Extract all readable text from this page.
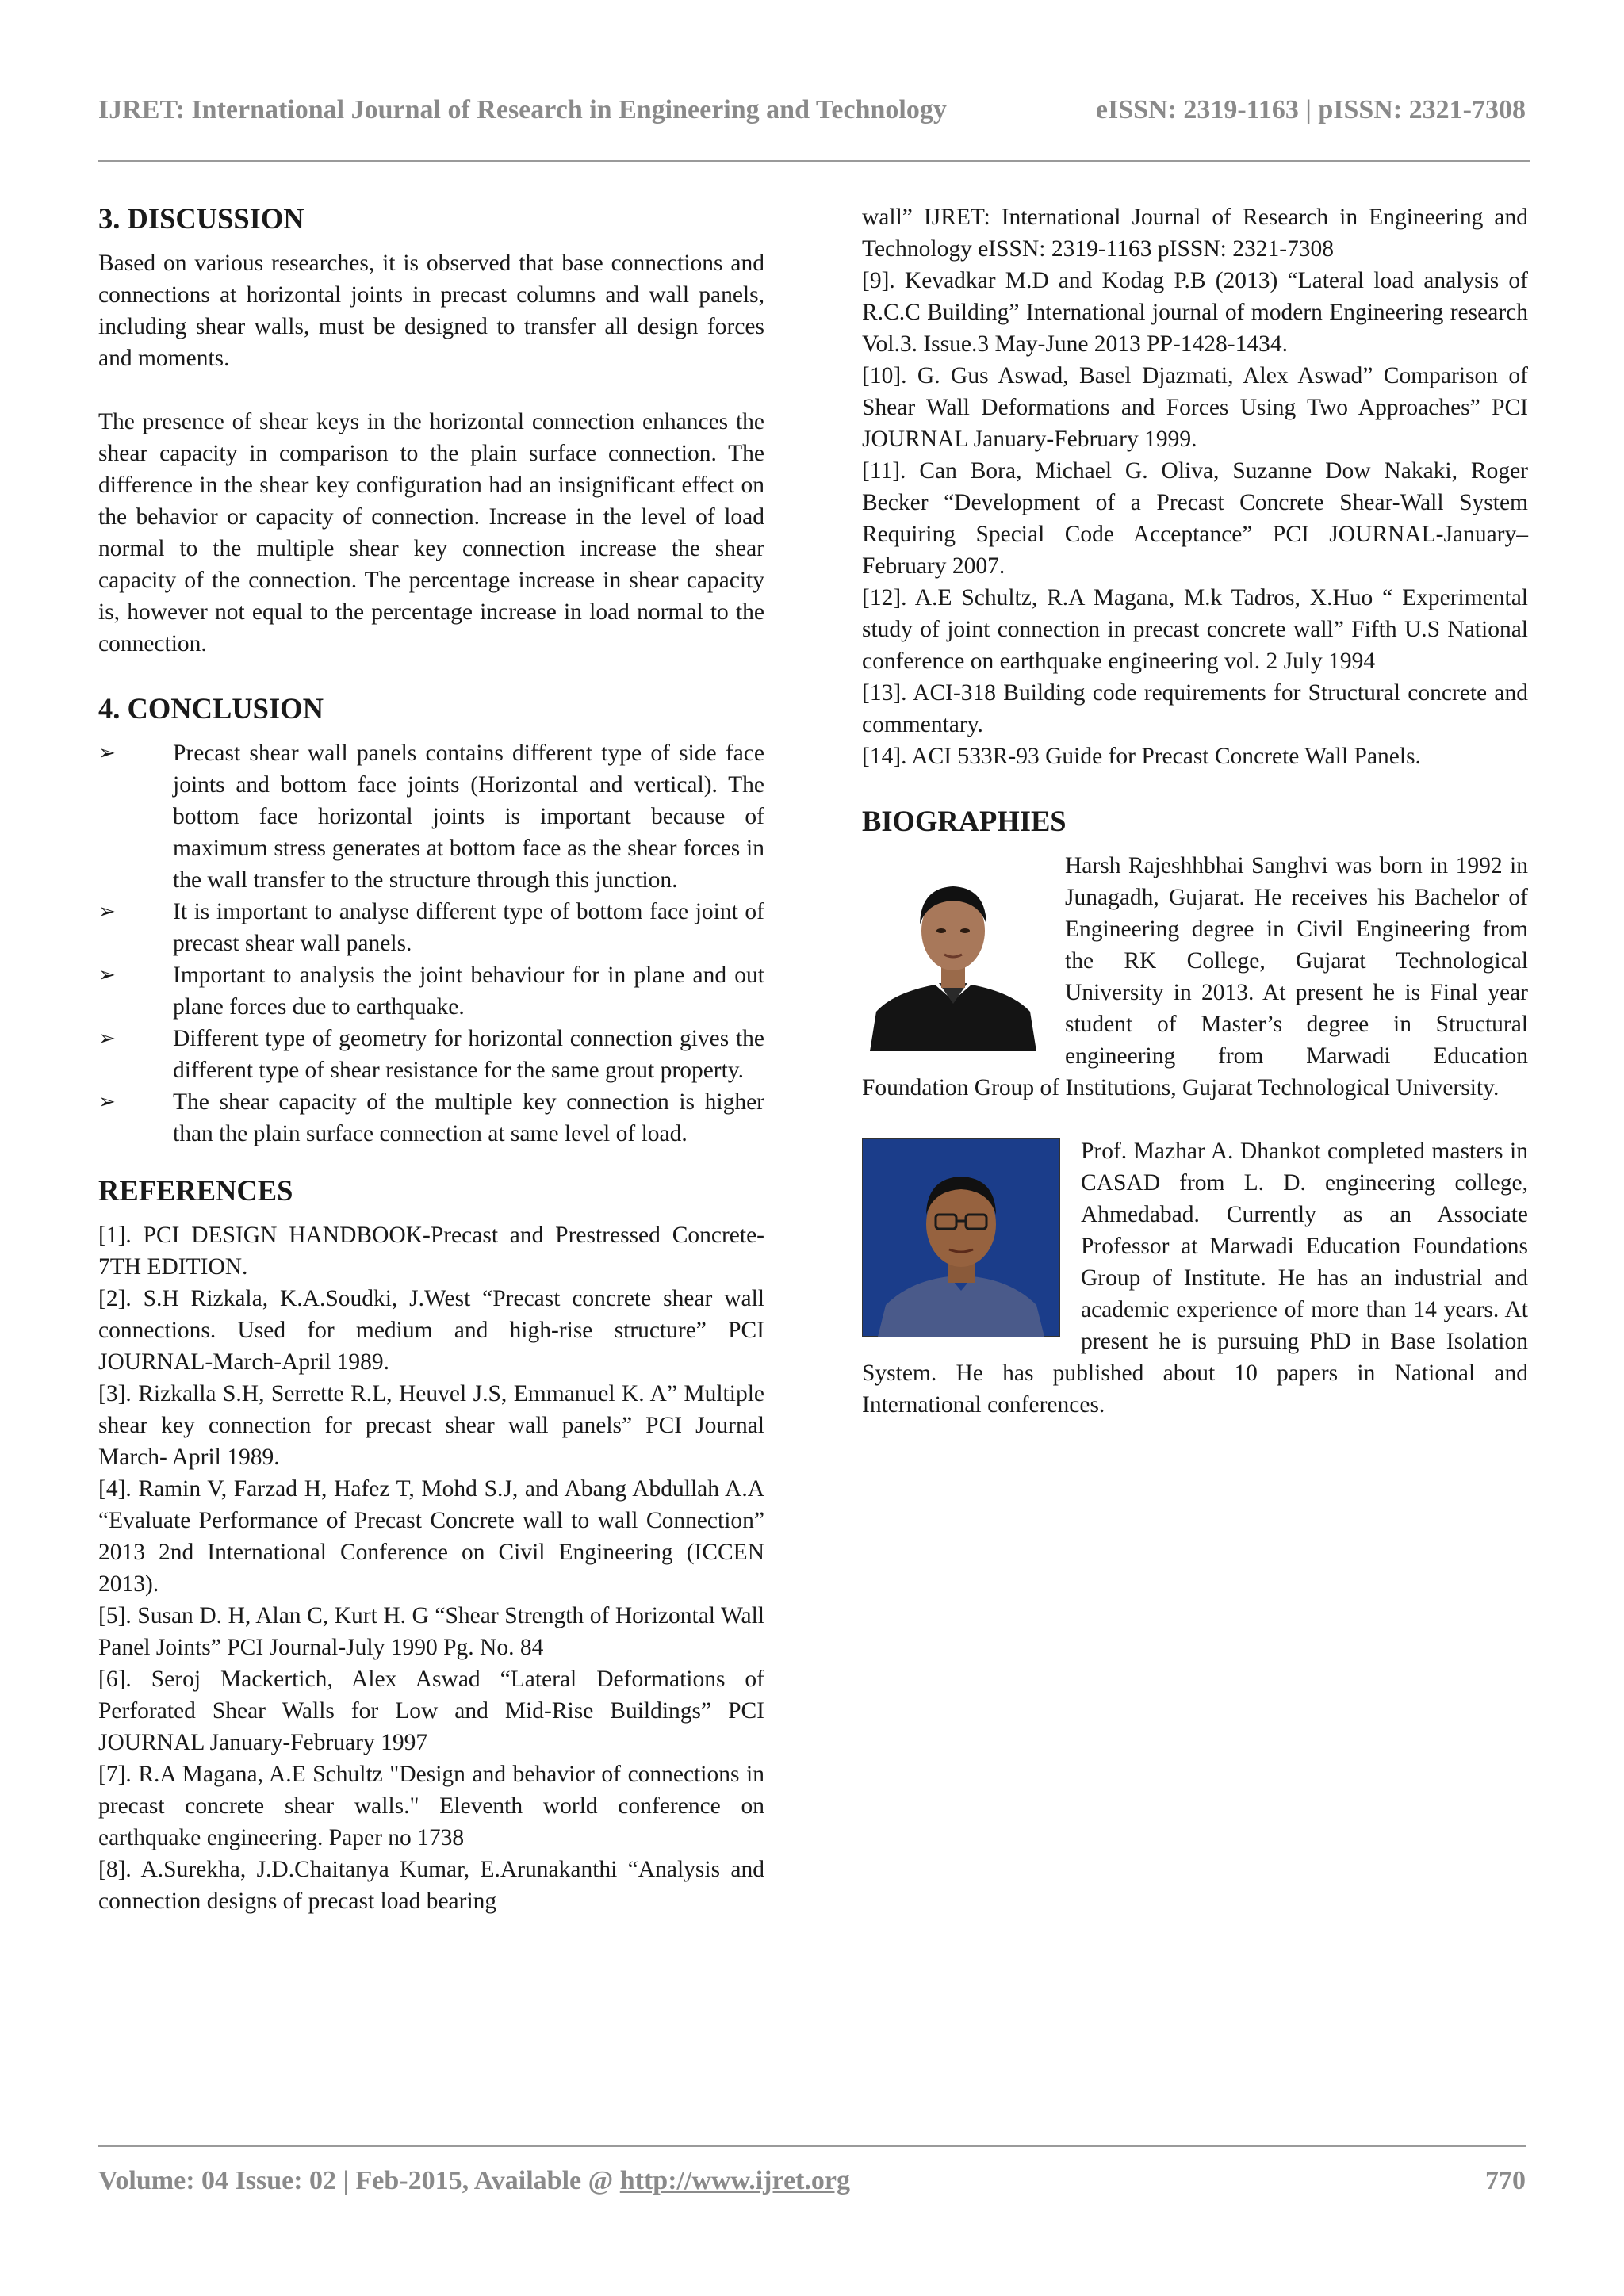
IJRET: International Journal of Research in Engineering and Technology	eISSN: 2319-1163 | pISSN: 2321-7308
3. DISCUSSION

Based on various researches, it is observed that base connections and connections at horizontal joints in precast columns and wall panels, including shear walls, must be designed to transfer all design forces and moments.

The presence of shear keys in the horizontal connection enhances the shear capacity in comparison to the plain surface connection. The difference in the shear key configuration had an insignificant effect on the behavior or capacity of connection. Increase in the level of load normal to the multiple shear key connection increase the shear capacity of the connection. The percentage increase in shear capacity is, however not equal to the percentage increase in load normal to the connection.

4. CONCLUSION
➢ Precast shear wall panels contains different type of side face joints and bottom face joints (Horizontal and vertical). The bottom face horizontal joints is important because of maximum stress generates at bottom face as the shear forces in the wall transfer to the structure through this junction.
➢ It is important to analyse different type of bottom face joint of precast shear wall panels.
➢ Important to analysis the joint behaviour for in plane and out plane forces due to earthquake.
➢ Different type of geometry for horizontal connection gives the different type of shear resistance for the same grout property.
➢ The shear capacity of the multiple key connection is higher than the plain surface connection at same level of load.
REFERENCES

[1]. PCI DESIGN HANDBOOK-Precast and Prestressed Concrete-7TH EDITION.

[2]. S.H Rizkala, K.A.Soudki, J.West “Precast concrete shear wall connections. Used for medium and high-rise structure” PCI JOURNAL-March-April 1989.

[3]. Rizkalla S.H, Serrette R.L, Heuvel J.S, Emmanuel K. A” Multiple shear key connection for precast shear wall panels” PCI Journal March- April 1989.

[4]. Ramin V, Farzad H, Hafez T, Mohd S.J, and Abang Abdullah A.A “Evaluate Performance of Precast Concrete wall to wall Connection” 2013 2nd International Conference on Civil Engineering (ICCEN 2013).

[5]. Susan D. H, Alan C, Kurt H. G “Shear Strength of Horizontal Wall Panel Joints” PCI Journal-July 1990 Pg. No. 84

[6]. Seroj Mackertich, Alex Aswad “Lateral Deformations of Perforated Shear Walls for Low and Mid-Rise Buildings” PCI JOURNAL January-February 1997

[7]. R.A Magana, A.E Schultz "Design and behavior of connections in precast concrete shear walls." Eleventh world conference on earthquake engineering. Paper no 1738

[8]. A.Surekha, J.D.Chaitanya Kumar, E.Arunakanthi “Analysis and connection designs of precast load bearing

wall” IJRET: International Journal of Research in Engineering and Technology eISSN: 2319-1163 pISSN: 2321-7308

[9]. Kevadkar M.D and Kodag P.B (2013) “Lateral load analysis of R.C.C Building” International journal of modern Engineering research Vol.3. Issue.3 May-June 2013 PP-1428-1434.

[10]. G. Gus Aswad, Basel Djazmati, Alex Aswad” Comparison of Shear Wall Deformations and Forces Using Two Approaches” PCI JOURNAL January-February 1999.

[11]. Can Bora, Michael G. Oliva, Suzanne Dow Nakaki, Roger Becker “Development of a Precast Concrete Shear-Wall System Requiring Special Code Acceptance” PCI JOURNAL-January–February 2007.

[12]. A.E Schultz, R.A Magana, M.k Tadros, X.Huo “ Experimental study of joint connection in precast concrete wall” Fifth U.S National conference on earthquake engineering vol. 2 July 1994

[13]. ACI-318 Building code requirements for Structural concrete and commentary.

[14]. ACI 533R-93 Guide for Precast Concrete Wall Panels.

BIOGRAPHIES

Harsh Rajeshhbhai Sanghvi was born in 1992 in Junagadh, Gujarat. He receives his Bachelor of Engineering degree in Civil Engineering from the RK College, Gujarat Technological University in 2013. At present he is Final year student of Master’s degree in Structural engineering from Marwadi Education Foundation Group of Institutions, Gujarat Technological University.

Prof. Mazhar A. Dhankot completed masters in CASAD from L. D. engineering college, Ahmedabad. Currently as an Associate Professor at Marwadi Education Foundations Group of Institute. He has an industrial and academic experience of more than 14 years. At present he is pursuing PhD in Base Isolation System. He has published about 10 papers in National and International conferences.

Volume: 04 Issue: 02 | Feb-2015, Available @ http://www.ijret.org	770
